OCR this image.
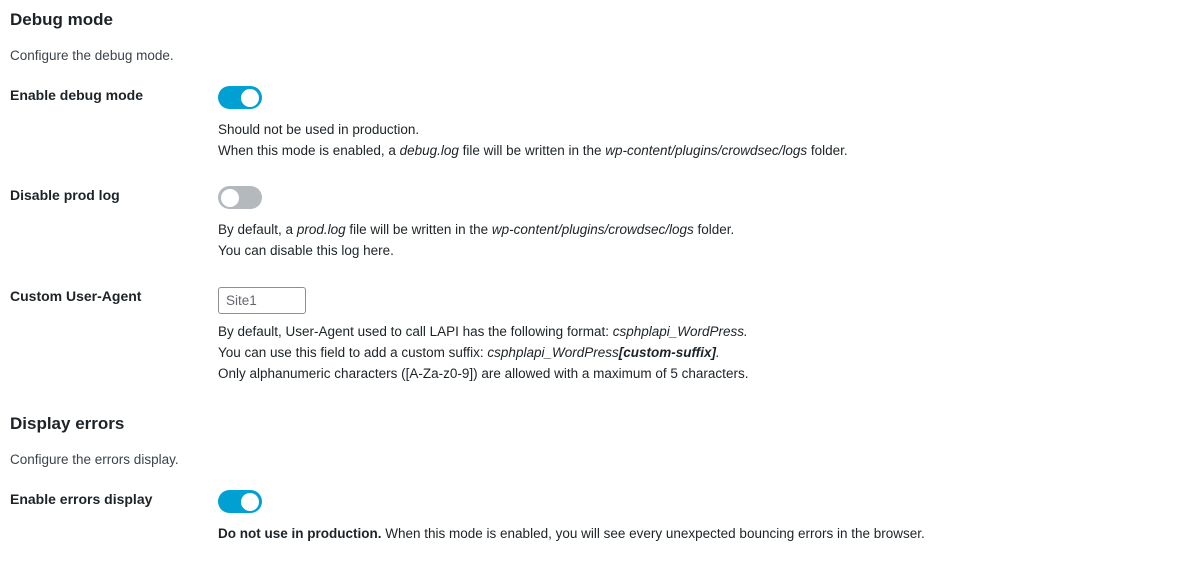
Debug mode

Configure the debug mode.

Enable debug mode
Should not be used in production.
When this mode is enabled, a debug.log file will be written in the wp-content/plugins/crowdsec/logs folder.
Disable prod log
By default, a prod.log file will be written in the wp-content/plugins/crowdsec/logs folder.
You can disable this log here.
Custom User-Agent
Site1
By default, User-Agent used to call LAPI has the following format: csphplapi_WordPress.
You can use this field to add a custom suffix: csphplapi_WordPress[custom-suffix].
Only alphanumeric characters ([A-Za-z0-9]) are allowed with a maximum of 5 characters.
Display errors

Configure the errors display.

Enable errors display
Do not use in production. When this mode is enabled, you will see every unexpected bouncing errors in the browser.
